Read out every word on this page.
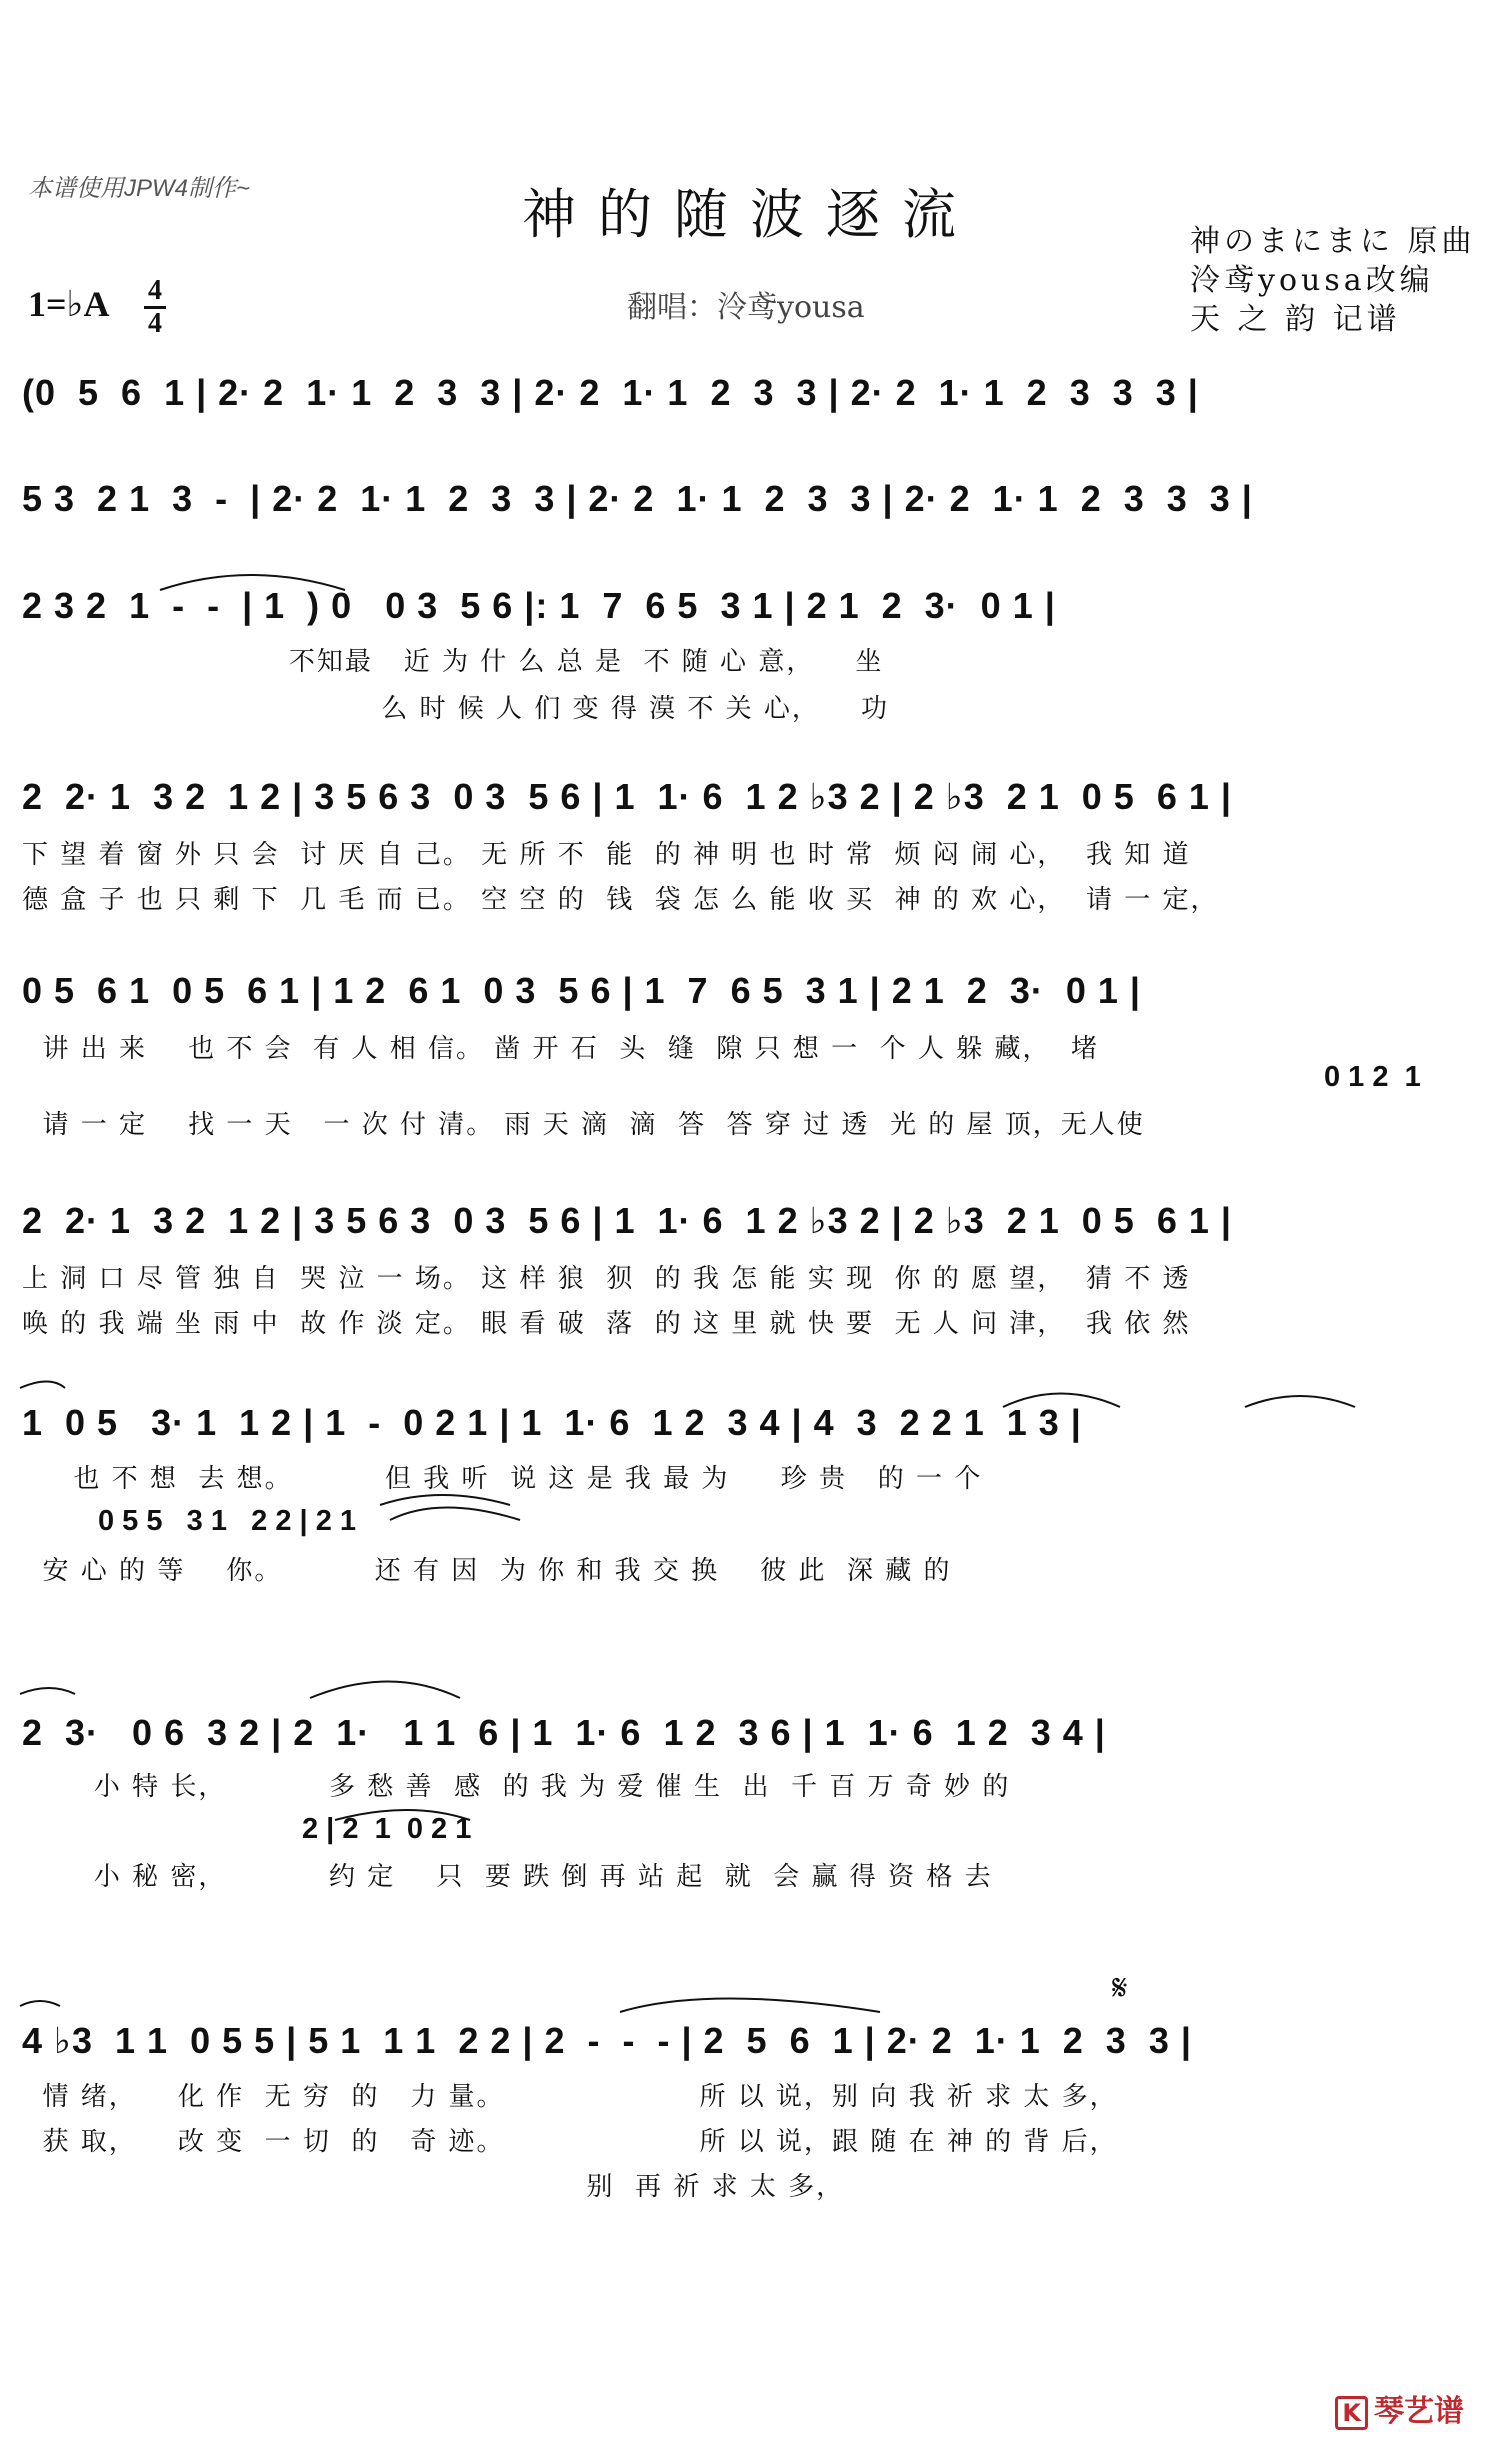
本谱使用JPW4制作~	神的随波逐流	神のまにまに 原曲
泠鸢yousa改编
天 之 韵 记谱
翻唱：泠鸢yousa
1=♭A 4
4
(0  5  6  1 | 2· 2  1· 1  2  3  3 | 2· 2  1· 1  2  3  3 | 2· 2  1· 1  2  3  3  3 |
5 3  2 1  3  -  | 2· 2  1· 1  2  3  3 | 2· 2  1· 1  2  3  3 | 2· 2  1· 1  2  3  3  3 |
2 3 2  1  -  -  | 1  ) 0   0 3  5 6 |: 1  7  6 5  3 1 | 2 1  2  3·  0 1 |
不知最   近 为 什 么 总 是  不 随 心 意，    坐
么 时 候 人 们 变 得 漠 不 关 心，    功
2  2· 1  3 2  1 2 | 3 5 6 3  0 3  5 6 | 1  1· 6  1 2 ♭3 2 | 2 ♭3  2 1  0 5  6 1 |
下 望 着 窗 外 只 会  讨 厌 自 己。 无 所 不  能  的 神 明 也 时 常  烦 闷 闹 心，  我 知 道
德 盒 子 也 只 剩 下  几 毛 而 已。 空 空 的  钱  袋 怎 么 能 收 买  神 的 欢 心，  请 一 定，
0 5  6 1  0 5  6 1 | 1 2  6 1  0 3  5 6 | 1  7  6 5  3 1 | 2 1  2  3·  0 1 |
讲 出 来    也 不 会  有 人 相 信。 凿 开 石  头  缝  隙 只 想 一  个 人 躲 藏，  堵
0 1 2  1
请 一 定    找 一 天   一 次 付 清。 雨 天 滴  滴  答  答 穿 过 透  光 的 屋 顶，无人使
2  2· 1  3 2  1 2 | 3 5 6 3  0 3  5 6 | 1  1· 6  1 2 ♭3 2 | 2 ♭3  2 1  0 5  6 1 |
上 洞 口 尽 管 独 自  哭 泣 一 场。 这 样 狼  狈  的 我 怎 能 实 现  你 的 愿 望，  猜 不 透
唤 的 我 端 坐 雨 中  故 作 淡 定。 眼 看 破  落  的 这 里 就 快 要  无 人 问 津，  我 依 然
1  0 5   3· 1  1 2 | 1  -  0 2 1 | 1  1· 6  1 2  3 4 | 4  3  2 2 1  1 3 |
也 不 想  去 想。         但 我 听  说 这 是 我 最 为     珍 贵   的 一 个
0 5 5   3 1   2 2 | 2 1
安 心 的 等    你。         还 有 因  为 你 和 我 交 换    彼 此  深 藏 的
2  3·   0 6  3 2 | 2  1·   1 1  6 | 1  1· 6  1 2  3 6 | 1  1· 6  1 2  3 4 |
小 特 长，          多 愁 善  感  的 我 为 爱 催 生  出  千 百 万 奇 妙 的
2 | 2  1  0 2 1
小 秘 密，          约 定    只  要 跌 倒 再 站 起  就  会 赢 得 资 格 去
𝄋
4 ♭3  1 1  0 5 5 | 5 1  1 1  2 2 | 2  -  -  - | 2  5  6  1 | 2· 2  1· 1  2  3  3 |
情 绪，    化 作  无 穷  的   力 量。                   所 以 说，别 向 我 祈 求 太 多，
获 取，    改 变  一 切  的   奇 迹。                   所 以 说，跟 随 在 神 的 背 后，
别  再 祈 求 太 多，
K 琴艺谱
